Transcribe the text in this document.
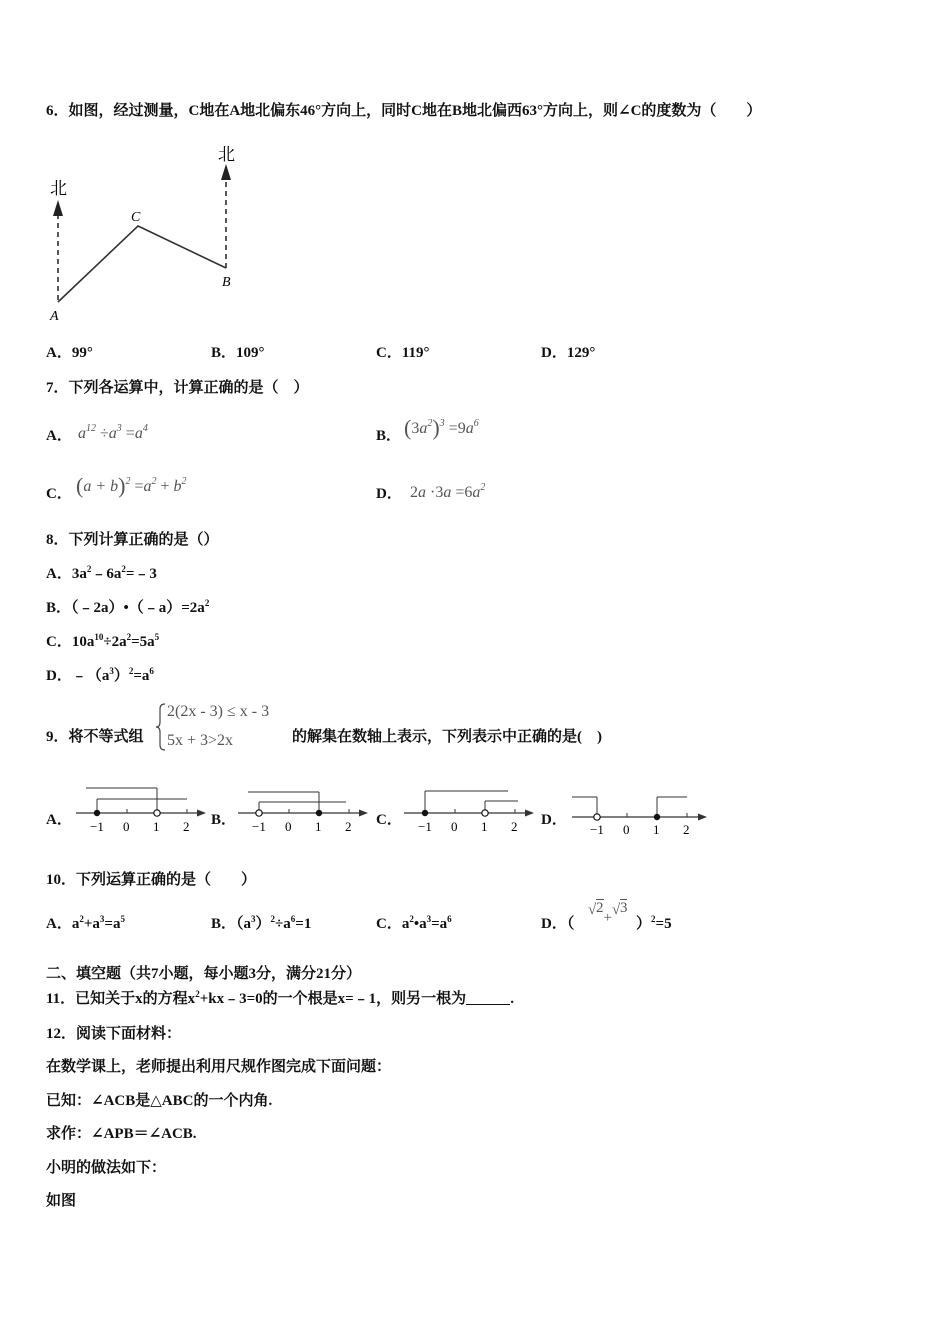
6．如图，经过测量，C地在A地北偏东46°方向上，同时C地在B地北偏西63°方向上，则∠C的度数为（　　）
北
北
A
C
B
A．99°	B．109°	C．119°	D．129°
7．下列各运算中，计算正确的是（　）
A． $a^{12} \div a^3 =a^4$	B． $(3a^2)^3 =9a^6$
C． $(a + b)^2 =a^2 + b^2$
D． $2a \cdot 3a =6a^2$
8．下列计算正确的是（）
A．$3a^2﹣6a^2=﹣3$
B．$(﹣2a)•(﹣a)=2a^2$
C．$10a^{10}\div 2a^2=5a^5$
D．$﹣(a^3)^2=a^6$
9．将不等式组
2(2x - 3) ≤ x - 3
5x + 3>2x	的解集在数轴上表示，下列表示中正确的是(　)
A． −1 0 1 2 B． −1 0 1 2 C． −1 0 1 2 D．
−1 0 1 2
10．下列运算正确的是（　　）
A．$a^2+a^3=a^5$	B．$(a^3)^2\div a^6=1$	C．$a^2•a^3=a^6$	D．（
√ 2+ √ 3
）$^2$=5
二、填空题（共7小题，每小题3分，满分21分）
11．已知关于x的方程$x^2+kx﹣3=0$的一个根是x=﹣1，则另一根为	.
12．阅读下面材料：
在数学课上，老师提出利用尺规作图完成下面问题：
已知：∠ACB是△ABC的一个内角.
求作：∠APB＝∠ACB.
小明的做法如下：
如图
